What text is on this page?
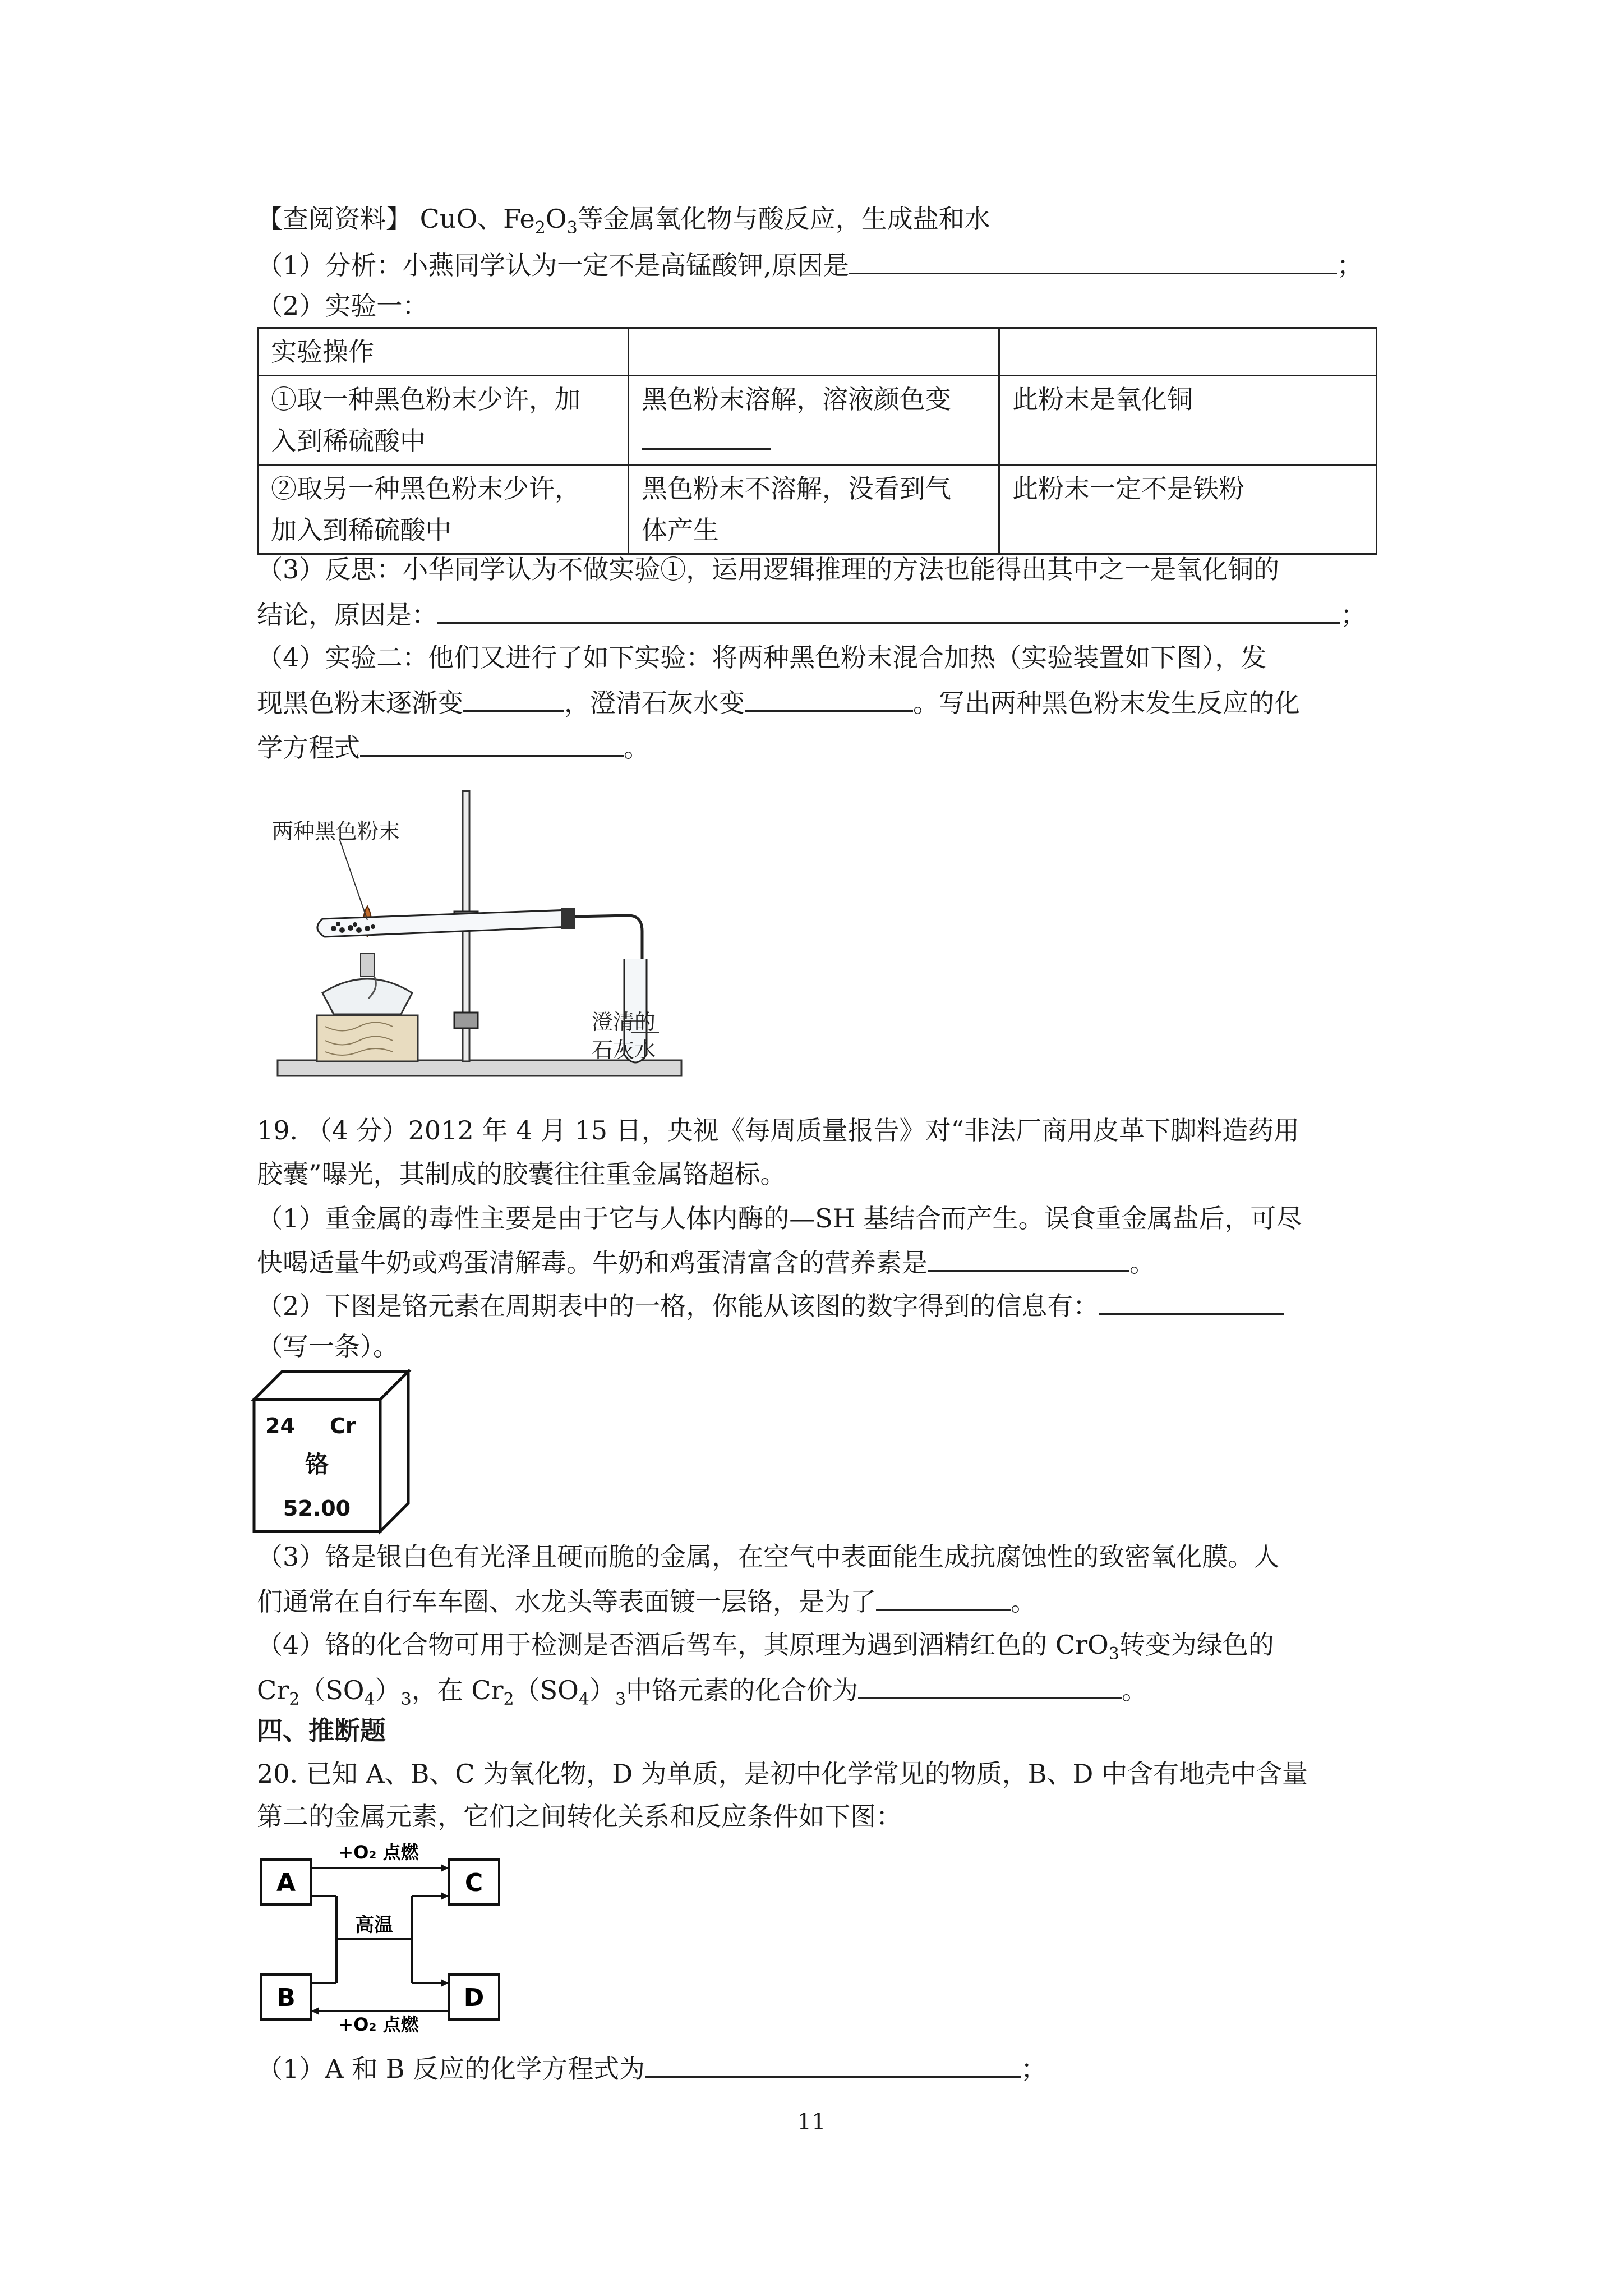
【查阅资料】 CuO、$Fe_2O_3$等金属氧化物与酸反应，生成盐和水
（1）分析：小燕同学认为一定不是高锰酸钾,原因是	；
（2）实验一：
实验操作		
①取一种黑色粉末少许，加
入到稀硫酸中	黑色粉末溶解，溶液颜色变	此粉末是氧化铜
②取另一种黑色粉末少许，
加入到稀硫酸中	黑色粉末不溶解，没看到气
体产生	此粉末一定不是铁粉
（3）反思：小华同学认为不做实验①，运用逻辑推理的方法也能得出其中之一是氧化铜的
结论，原因是：	；
（4）实验二：他们又进行了如下实验：将两种黑色粉末混合加热（实验装置如下图），发
现黑色粉末逐渐变	，澄清石灰水变	。写出两种黑色粉末发生反应的化
学方程式	。
两种黑色粉末
澄清的
石灰水
19. （4 分）2012 年 4 月 15 日，央视《每周质量报告》对“非法厂商用皮革下脚料造药用
胶囊”曝光，其制成的胶囊往往重金属铬超标。
（1）重金属的毒性主要是由于它与人体内酶的—SH 基结合而产生。误食重金属盐后，可尽
快喝适量牛奶或鸡蛋清解毒。牛奶和鸡蛋清富含的营养素是	。
（2）下图是铬元素在周期表中的一格，你能从该图的数字得到的信息有：
（写一条）。
24 Cr
铬
52.00
（3）铬是银白色有光泽且硬而脆的金属，在空气中表面能生成抗腐蚀性的致密氧化膜。人
们通常在自行车车圈、水龙头等表面镀一层铬，是为了	。
（4）铬的化合物可用于检测是否酒后驾车，其原理为遇到酒精红色的 CrO$_3$转变为绿色的
$Cr_2(SO_4)_3$，在 $Cr_2(SO_4)_3$中铬元素的化合价为	。
四、推断题
20. 已知 A、B、C 为氧化物，D 为单质，是初中化学常见的物质，B、D 中含有地壳中含量
第二的金属元素，它们之间转化关系和反应条件如下图：
A	C
B	D
+O₂ 点燃
高温
+O₂ 点燃
（1）A 和 B 反应的化学方程式为	；
11
